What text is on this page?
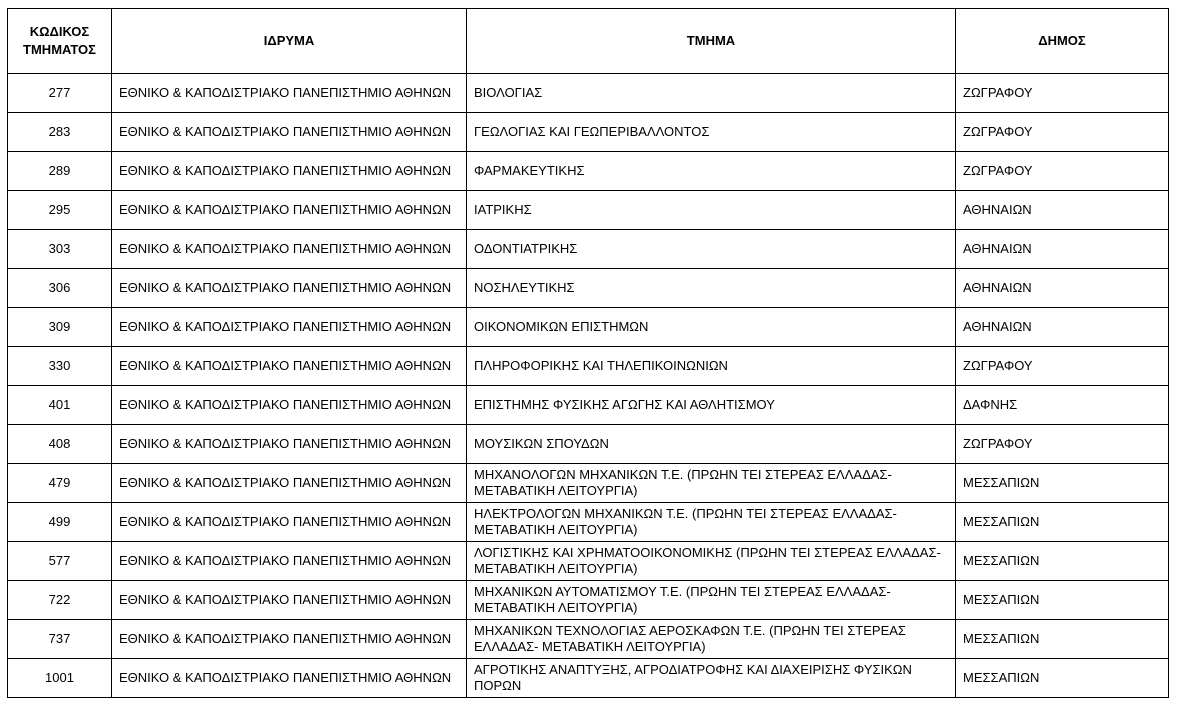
ΚΩΔΙΚΟΣ
ΤΜΗΜΑΤΟΣ	ΙΔΡΥΜΑ	ΤΜΗΜΑ	ΔΗΜΟΣ
277	ΕΘΝΙΚΟ & ΚΑΠΟΔΙΣΤΡΙΑΚΟ ΠΑΝΕΠΙΣΤΗΜΙΟ ΑΘΗΝΩΝ	ΒΙΟΛΟΓΙΑΣ	ΖΩΓΡΑΦΟΥ
283	ΕΘΝΙΚΟ & ΚΑΠΟΔΙΣΤΡΙΑΚΟ ΠΑΝΕΠΙΣΤΗΜΙΟ ΑΘΗΝΩΝ	ΓΕΩΛΟΓΙΑΣ ΚΑΙ ΓΕΩΠΕΡΙΒΑΛΛΟΝΤΟΣ	ΖΩΓΡΑΦΟΥ
289	ΕΘΝΙΚΟ & ΚΑΠΟΔΙΣΤΡΙΑΚΟ ΠΑΝΕΠΙΣΤΗΜΙΟ ΑΘΗΝΩΝ	ΦΑΡΜΑΚΕΥΤΙΚΗΣ	ΖΩΓΡΑΦΟΥ
295	ΕΘΝΙΚΟ & ΚΑΠΟΔΙΣΤΡΙΑΚΟ ΠΑΝΕΠΙΣΤΗΜΙΟ ΑΘΗΝΩΝ	ΙΑΤΡΙΚΗΣ	ΑΘΗΝΑΙΩΝ
303	ΕΘΝΙΚΟ & ΚΑΠΟΔΙΣΤΡΙΑΚΟ ΠΑΝΕΠΙΣΤΗΜΙΟ ΑΘΗΝΩΝ	ΟΔΟΝΤΙΑΤΡΙΚΗΣ	ΑΘΗΝΑΙΩΝ
306	ΕΘΝΙΚΟ & ΚΑΠΟΔΙΣΤΡΙΑΚΟ ΠΑΝΕΠΙΣΤΗΜΙΟ ΑΘΗΝΩΝ	ΝΟΣΗΛΕΥΤΙΚΗΣ	ΑΘΗΝΑΙΩΝ
309	ΕΘΝΙΚΟ & ΚΑΠΟΔΙΣΤΡΙΑΚΟ ΠΑΝΕΠΙΣΤΗΜΙΟ ΑΘΗΝΩΝ	ΟΙΚΟΝΟΜΙΚΩΝ ΕΠΙΣΤΗΜΩΝ	ΑΘΗΝΑΙΩΝ
330	ΕΘΝΙΚΟ & ΚΑΠΟΔΙΣΤΡΙΑΚΟ ΠΑΝΕΠΙΣΤΗΜΙΟ ΑΘΗΝΩΝ	ΠΛΗΡΟΦΟΡΙΚΗΣ ΚΑΙ ΤΗΛΕΠΙΚΟΙΝΩΝΙΩΝ	ΖΩΓΡΑΦΟΥ
401	ΕΘΝΙΚΟ & ΚΑΠΟΔΙΣΤΡΙΑΚΟ ΠΑΝΕΠΙΣΤΗΜΙΟ ΑΘΗΝΩΝ	ΕΠΙΣΤΗΜΗΣ ΦΥΣΙΚΗΣ ΑΓΩΓΗΣ ΚΑΙ ΑΘΛΗΤΙΣΜΟΥ	ΔΑΦΝΗΣ
408	ΕΘΝΙΚΟ & ΚΑΠΟΔΙΣΤΡΙΑΚΟ ΠΑΝΕΠΙΣΤΗΜΙΟ ΑΘΗΝΩΝ	ΜΟΥΣΙΚΩΝ ΣΠΟΥΔΩΝ	ΖΩΓΡΑΦΟΥ
479	ΕΘΝΙΚΟ & ΚΑΠΟΔΙΣΤΡΙΑΚΟ ΠΑΝΕΠΙΣΤΗΜΙΟ ΑΘΗΝΩΝ	ΜΗΧΑΝΟΛΟΓΩΝ ΜΗΧΑΝΙΚΩΝ Τ.Ε. (ΠΡΩΗΝ ΤΕΙ ΣΤΕΡΕΑΣ ΕΛΛΑΔΑΣ- ΜΕΤΑΒΑΤΙΚΗ ΛΕΙΤΟΥΡΓΙΑ)	ΜΕΣΣΑΠΙΩΝ
499	ΕΘΝΙΚΟ & ΚΑΠΟΔΙΣΤΡΙΑΚΟ ΠΑΝΕΠΙΣΤΗΜΙΟ ΑΘΗΝΩΝ	ΗΛΕΚΤΡΟΛΟΓΩΝ ΜΗΧΑΝΙΚΩΝ Τ.Ε. (ΠΡΩΗΝ ΤΕΙ ΣΤΕΡΕΑΣ ΕΛΛΑΔΑΣ- ΜΕΤΑΒΑΤΙΚΗ ΛΕΙΤΟΥΡΓΙΑ)	ΜΕΣΣΑΠΙΩΝ
577	ΕΘΝΙΚΟ & ΚΑΠΟΔΙΣΤΡΙΑΚΟ ΠΑΝΕΠΙΣΤΗΜΙΟ ΑΘΗΝΩΝ	ΛΟΓΙΣΤΙΚΗΣ ΚΑΙ ΧΡΗΜΑΤΟΟΙΚΟΝΟΜΙΚΗΣ (ΠΡΩΗΝ ΤΕΙ ΣΤΕΡΕΑΣ ΕΛΛΑΔΑΣ- ΜΕΤΑΒΑΤΙΚΗ ΛΕΙΤΟΥΡΓΙΑ)	ΜΕΣΣΑΠΙΩΝ
722	ΕΘΝΙΚΟ & ΚΑΠΟΔΙΣΤΡΙΑΚΟ ΠΑΝΕΠΙΣΤΗΜΙΟ ΑΘΗΝΩΝ	ΜΗΧΑΝΙΚΩΝ ΑΥΤΟΜΑΤΙΣΜΟΥ Τ.Ε. (ΠΡΩΗΝ ΤΕΙ ΣΤΕΡΕΑΣ ΕΛΛΑΔΑΣ- ΜΕΤΑΒΑΤΙΚΗ ΛΕΙΤΟΥΡΓΙΑ)	ΜΕΣΣΑΠΙΩΝ
737	ΕΘΝΙΚΟ & ΚΑΠΟΔΙΣΤΡΙΑΚΟ ΠΑΝΕΠΙΣΤΗΜΙΟ ΑΘΗΝΩΝ	ΜΗΧΑΝΙΚΩΝ ΤΕΧΝΟΛΟΓΙΑΣ ΑΕΡΟΣΚΑΦΩΝ Τ.Ε. (ΠΡΩΗΝ ΤΕΙ ΣΤΕΡΕΑΣ ΕΛΛΑΔΑΣ- ΜΕΤΑΒΑΤΙΚΗ ΛΕΙΤΟΥΡΓΙΑ)	ΜΕΣΣΑΠΙΩΝ
1001	ΕΘΝΙΚΟ & ΚΑΠΟΔΙΣΤΡΙΑΚΟ ΠΑΝΕΠΙΣΤΗΜΙΟ ΑΘΗΝΩΝ	ΑΓΡΟΤΙΚΗΣ ΑΝΑΠΤΥΞΗΣ, ΑΓΡΟΔΙΑΤΡΟΦΗΣ ΚΑΙ ΔΙΑΧΕΙΡΙΣΗΣ ΦΥΣΙΚΩΝ ΠΟΡΩΝ	ΜΕΣΣΑΠΙΩΝ
